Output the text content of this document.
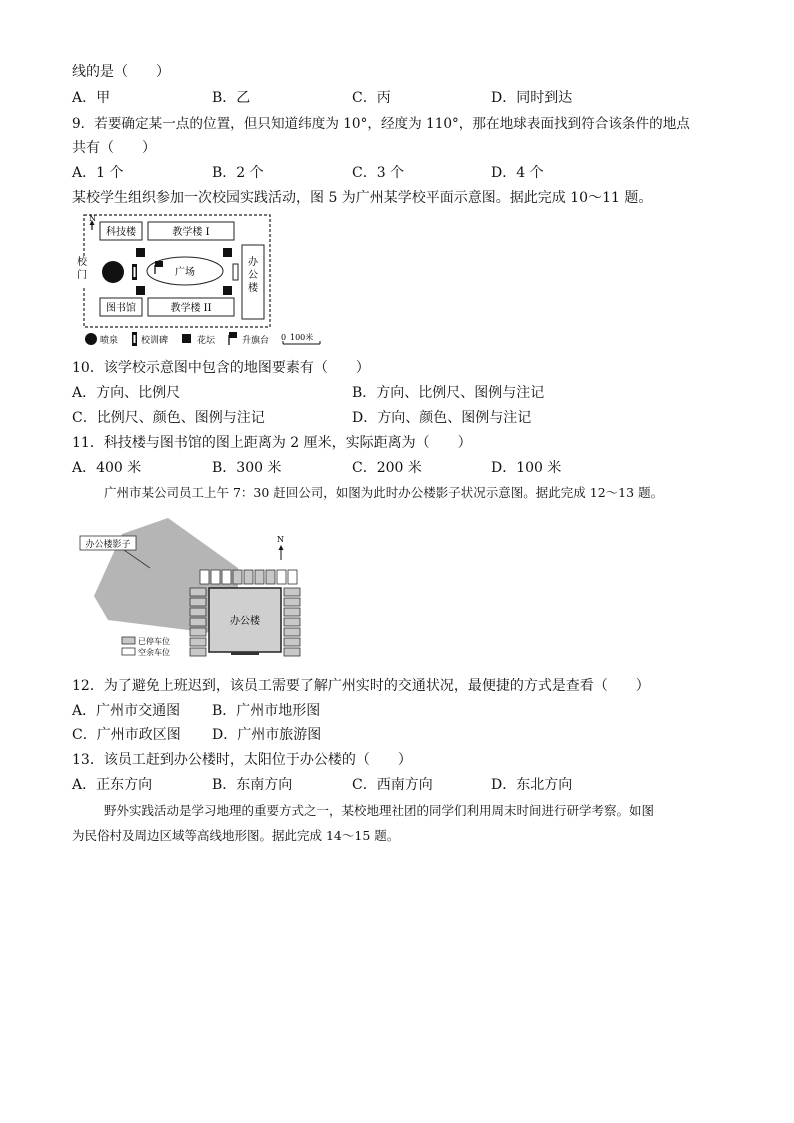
线的是（　　）
A．甲	B．乙	C．丙	D．同时到达
9．若要确定某一点的位置，但只知道纬度为 10°，经度为 110°，那在地球表面找到符合该条件的地点
共有（　　）
A．1 个	B．2 个	C．3 个	D．4 个
某校学生组织参加一次校园实践活动，图 5 为广州某学校平面示意图。据此完成 10～11 题。
N
校
门
科技楼	教学楼 I
办
公
楼
广场
图书馆	教学楼 II
喷泉	校训碑	花坛	升旗台 0 100米
10．该学校示意图中包含的地图要素有（　　）
A．方向、比例尺	B．方向、比例尺、图例与注记
C．比例尺、颜色、图例与注记	D．方向、颜色、图例与注记
11．科技楼与图书馆的图上距离为 2 厘米，实际距离为（　　）
A．400 米	B．300 米	C．200 米	D．100 米
广州市某公司员工上午 7：30 赶回公司，如图为此时办公楼影子状况示意图。据此完成 12～13 题。
办公楼影子
N
办公楼
已停车位
空余车位
12．为了避免上班迟到，该员工需要了解广州实时的交通状况，最便捷的方式是查看（　　）
A．广州市交通图 B．广州市地形图
C．广州市政区图 D．广州市旅游图
13．该员工赶到办公楼时，太阳位于办公楼的（　　）
A．正东方向	B．东南方向	C．西南方向	D．东北方向
野外实践活动是学习地理的重要方式之一，某校地理社团的同学们利用周末时间进行研学考察。如图
为民俗村及周边区域等高线地形图。据此完成 14～15 题。
